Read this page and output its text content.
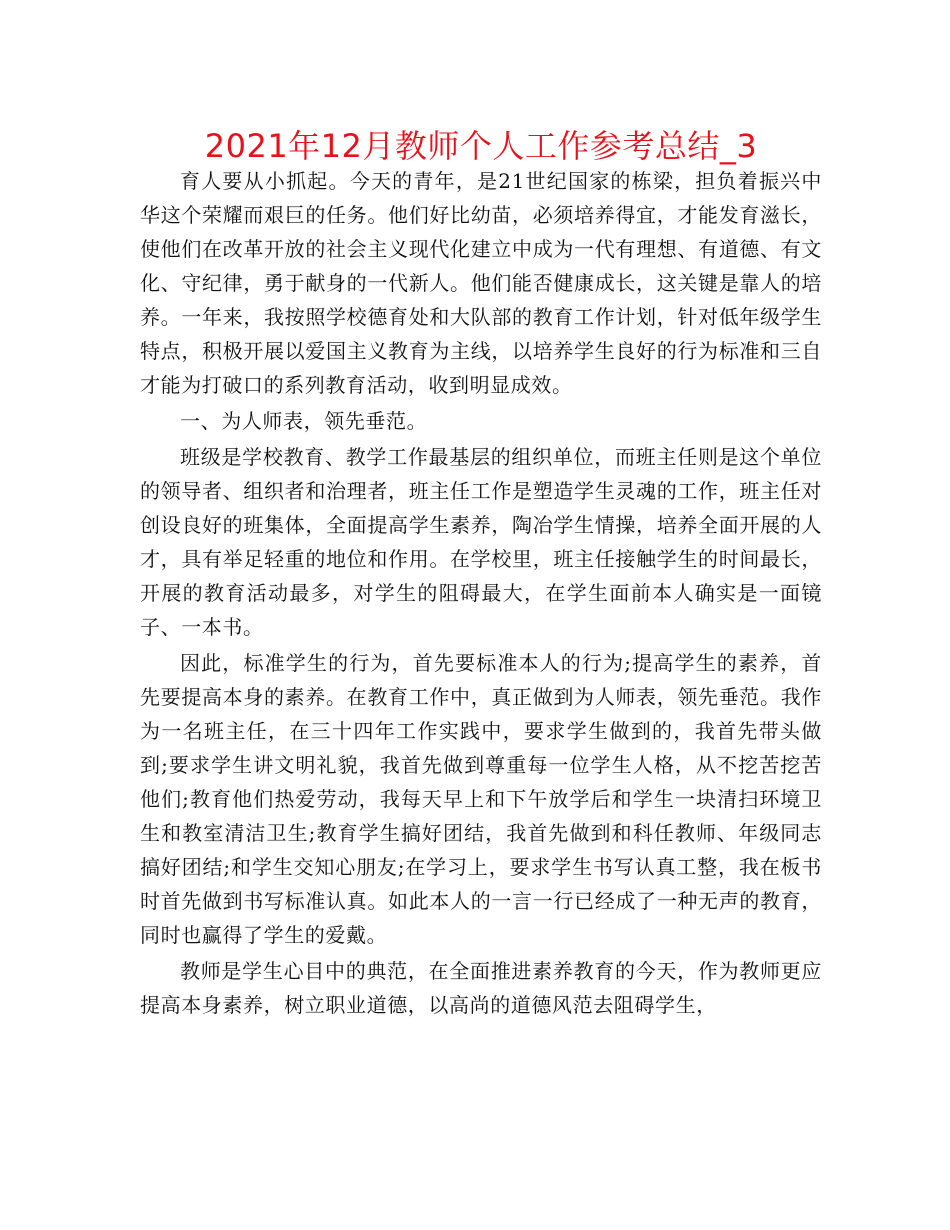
2021年12月教师个人工作参考总结_3

育人要从小抓起。今天的青年，是21世纪国家的栋梁，担负着振兴中华这个荣耀而艰巨的任务。他们好比幼苗，必须培养得宜，才能发育滋长，使他们在改革开放的社会主义现代化建立中成为一代有理想、有道德、有文化、守纪律，勇于献身的一代新人。他们能否健康成长，这关键是靠人的培养。一年来，我按照学校德育处和大队部的教育工作计划，针对低年级学生特点，积极开展以爱国主义教育为主线，以培养学生良好的行为标准和三自才能为打破口的系列教育活动，收到明显成效。

一、为人师表，领先垂范。

班级是学校教育、教学工作最基层的组织单位，而班主任则是这个单位的领导者、组织者和治理者，班主任工作是塑造学生灵魂的工作，班主任对创设良好的班集体，全面提高学生素养，陶冶学生情操，培养全面开展的人才，具有举足轻重的地位和作用。在学校里，班主任接触学生的时间最长，开展的教育活动最多，对学生的阻碍最大，在学生面前本人确实是一面镜子、一本书。

因此，标准学生的行为，首先要标准本人的行为;提高学生的素养，首先要提高本身的素养。在教育工作中，真正做到为人师表，领先垂范。我作为一名班主任，在三十四年工作实践中，要求学生做到的，我首先带头做到;要求学生讲文明礼貌，我首先做到尊重每一位学生人格，从不挖苦挖苦他们;教育他们热爱劳动，我每天早上和下午放学后和学生一块清扫环境卫生和教室清洁卫生;教育学生搞好团结，我首先做到和科任教师、年级同志搞好团结;和学生交知心朋友;在学习上，要求学生书写认真工整，我在板书时首先做到书写标准认真。如此本人的一言一行已经成了一种无声的教育，同时也赢得了学生的爱戴。

教师是学生心目中的典范，在全面推进素养教育的今天，作为教师更应提高本身素养，树立职业道德，以高尚的道德风范去阻碍学生，
